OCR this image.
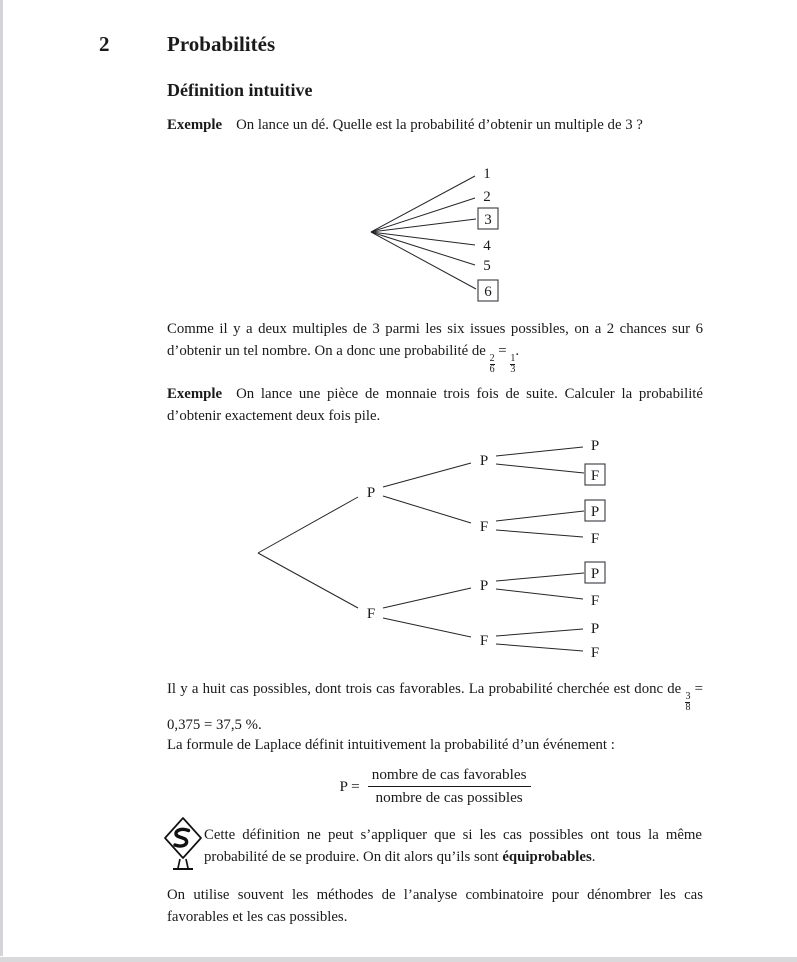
2	Probabilités
Définition intuitive
Exemple On lance un dé. Quelle est la probabilité d’obtenir un multiple de 3 ?
1
2
3
4
5
6
Comme il y a deux multiples de 3 parmi les six issues possibles, on a 2 chances sur 6 d’obtenir un tel nombre. On a donc une probabilité de
$\frac{2}{6}$
=
$\frac{1}{3}$
.
Exemple On lance une pièce de monnaie trois fois de suite. Calculer la probabilité d’obtenir exactement deux fois pile.
P
F
P
F
P
F
P
F
P
F
P
F
P
F
Il y a huit cas possibles, dont trois cas favorables. La probabilité cherchée est donc de
$\frac{3}{8}$
= 0,375 = 37,5 %.
La formule de Laplace définit intuitivement la probabilité d’un événement :
$P = \frac{\text{nombre de cas favorables}}{\text{nombre de cas possibles}}$
Cette définition ne peut s’appliquer que si les cas possibles ont tous la même probabilité de se produire. On dit alors qu’ils sont équiprobables.
On utilise souvent les méthodes de l’analyse combinatoire pour dénombrer les cas favorables et les cas possibles.
